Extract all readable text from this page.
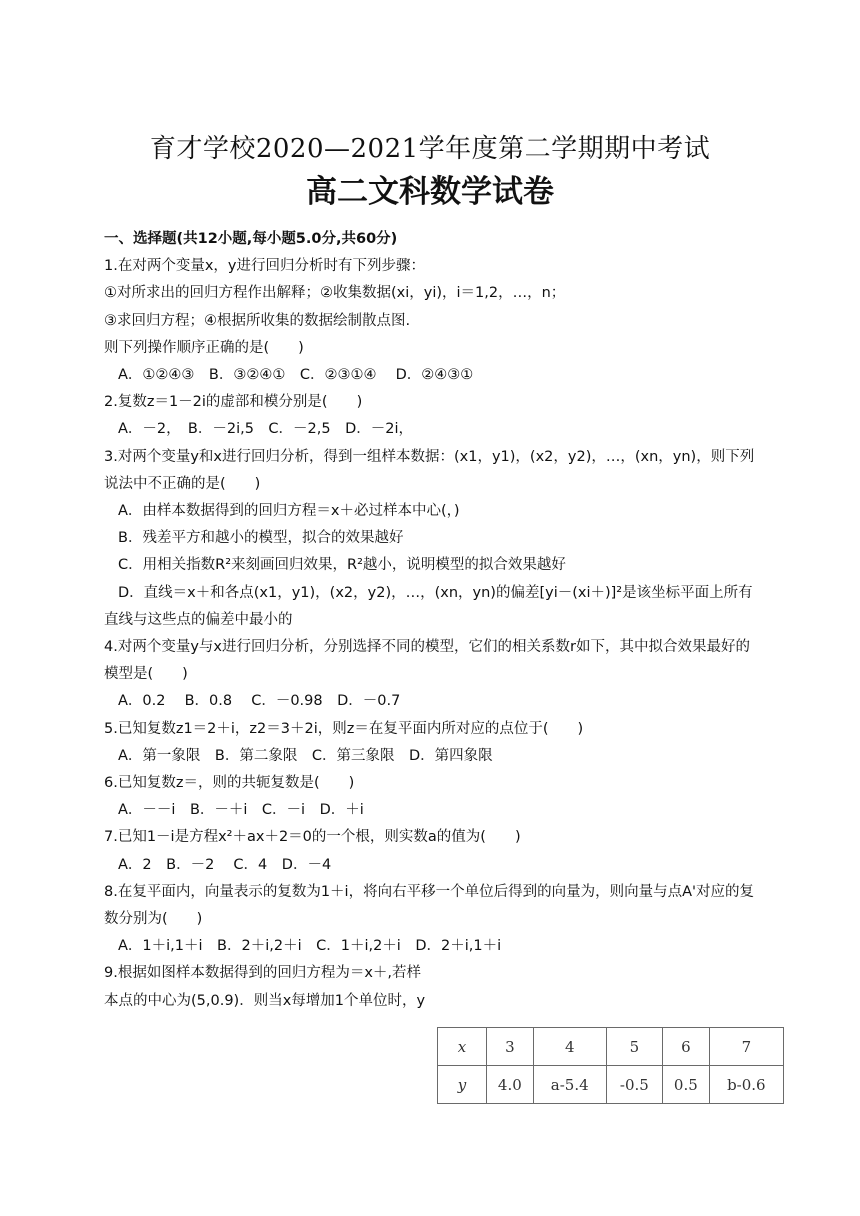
育才学校2020—2021学年度第二学期期中考试
高二文科数学试卷
一、选择题(共12小题,每小题5.0分,共60分)
1.在对两个变量x，y进行回归分析时有下列步骤：
①对所求出的回归方程作出解释；②收集数据(xi，yi)，i＝1,2，…，n；
③求回归方程；④根据所收集的数据绘制散点图.
则下列操作顺序正确的是(　　)
A．①②④③　B．③②④①　C．②③①④　 D．②④③①
2.复数z＝1－2i的虚部和模分别是(　　)
A．－2，　B．－2i,5　C．－2,5　D．－2i，
3.对两个变量y和x进行回归分析，得到一组样本数据：(x1，y1)，(x2，y2)，…，(xn，yn)，则下列说法中不正确的是(　　)
A．由样本数据得到的回归方程＝x＋必过样本中心(，)
B．残差平方和越小的模型，拟合的效果越好
C．用相关指数R²来刻画回归效果，R²越小，说明模型的拟合效果越好
D．直线＝x＋和各点(x1，y1)，(x2，y2)，…，(xn，yn)的偏差[yi－(xi＋)]²是该坐标平面上所有直线与这些点的偏差中最小的
4.对两个变量y与x进行回归分析，分别选择不同的模型，它们的相关系数r如下，其中拟合效果最好的模型是(　　)
A．0.2　 B．0.8　 C．－0.98　D．－0.7
5.已知复数z1＝2＋i，z2＝3＋2i，则z＝在复平面内所对应的点位于(　　)
A．第一象限　B．第二象限　C．第三象限　D．第四象限
6.已知复数z＝，则的共轭复数是(　　)
A．－－i　B．－＋i　C．－i　D．＋i
7.已知1－i是方程x²＋ax＋2＝0的一个根，则实数a的值为(　　)
A．2　B．－2　 C．4　D．－4
8.在复平面内，向量表示的复数为1＋i，将向右平移一个单位后得到的向量为，则向量与点A'对应的复数分别为(　　)
A．1＋i,1＋i　B．2＋i,2＋i　C．1＋i,2＋i　D．2＋i,1＋i
9.根据如图样本数据得到的回归方程为＝x＋,若样本点的中心为(5,0.9)．则当x每增加1个单位时，y
x	3	4	5	6	7
y	4.0	a-5.4	-0.5	0.5	b-0.6
